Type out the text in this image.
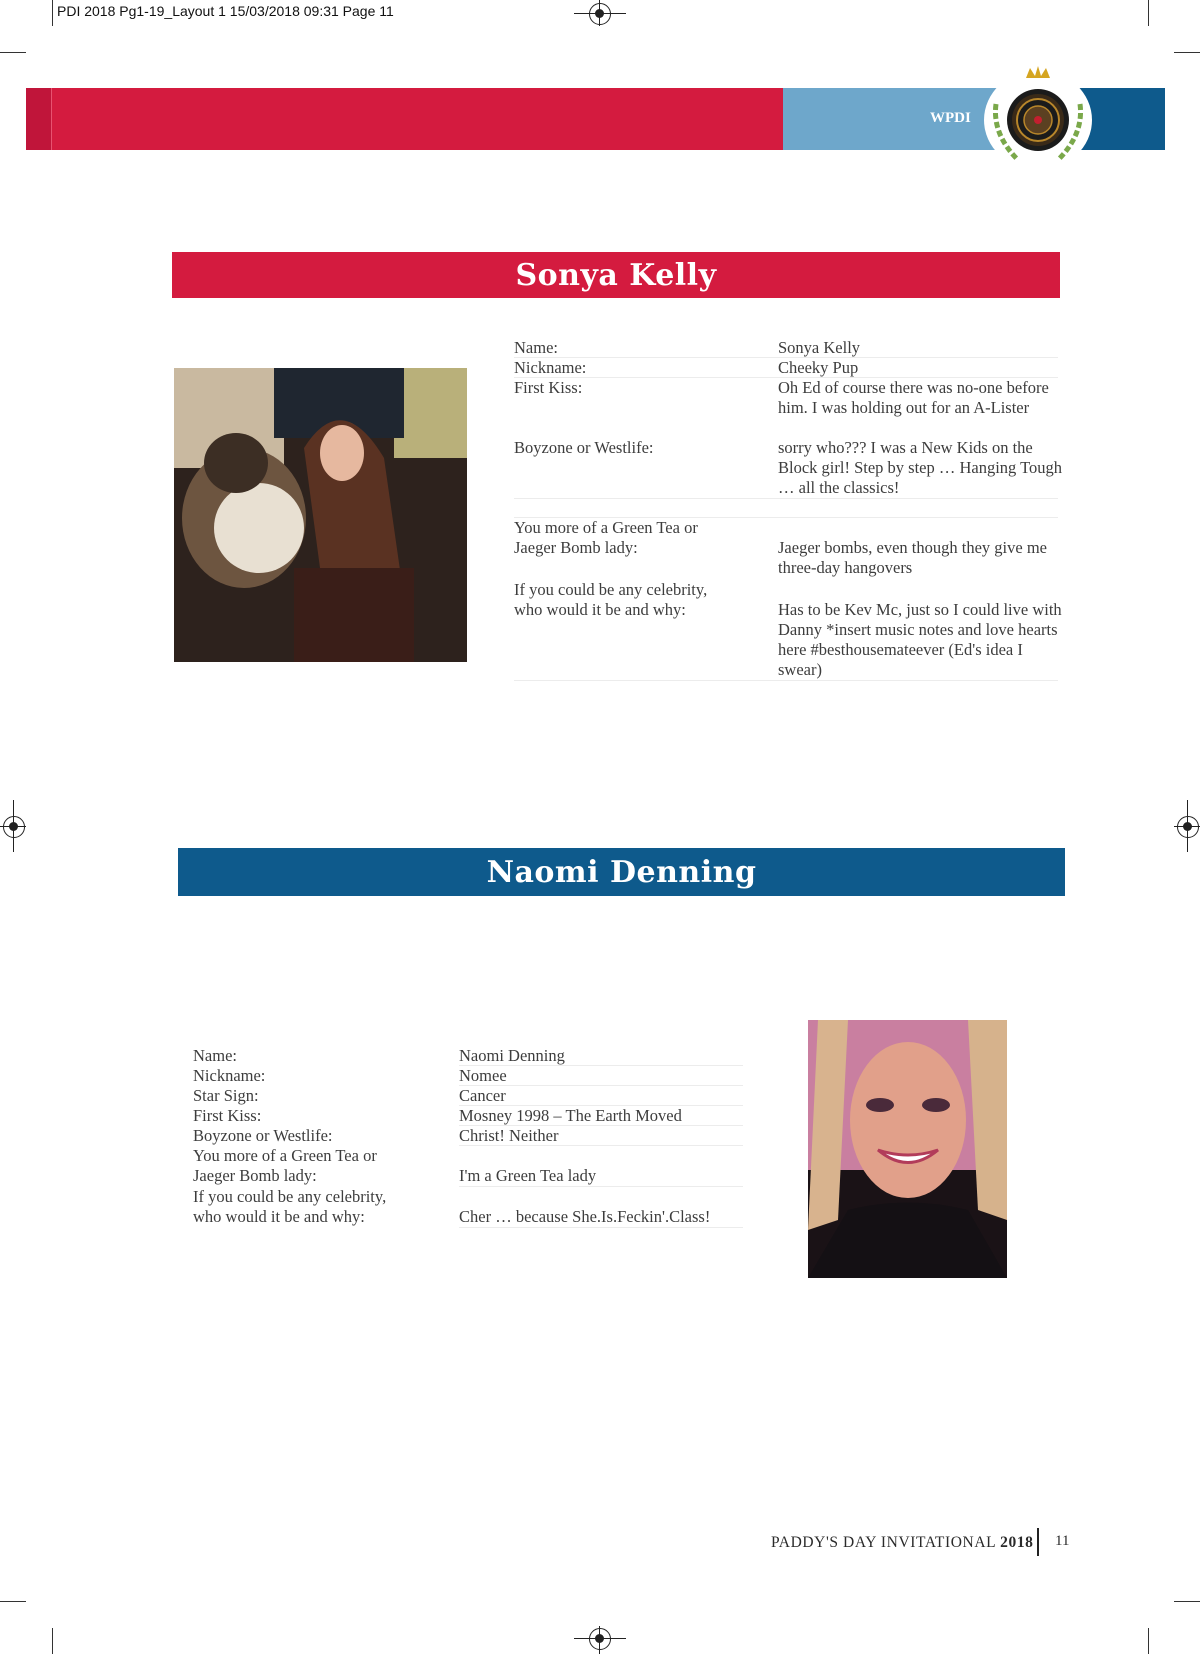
PDI 2018 Pg1-19_Layout 1 15/03/2018 09:31 Page 11
WPDI
Sonya Kelly
Name:	Sonya Kelly
Nickname:	Cheeky Pup
First Kiss:	Oh Ed of course there was no-one before him. I was holding out for an A-Lister
Boyzone or Westlife:	sorry who??? I was a New Kids on the Block girl! Step by step … Hanging Tough … all the classics!
You more of a Green Tea or Jaeger Bomb lady:	Jaeger bombs, even though they give me three-day hangovers
If you could be any celebrity, who would it be and why:	Has to be Kev Mc, just so I could live with Danny *insert music notes and love hearts here #besthousemateever (Ed's idea I swear)
Naomi Denning
Name:	Naomi Denning
Nickname:	Nomee
Star Sign:	Cancer
First Kiss:	Mosney 1998 – The Earth Moved
Boyzone or Westlife:	Christ! Neither
You more of a Green Tea or Jaeger Bomb lady:	I'm a Green Tea lady
If you could be any celebrity, who would it be and why:	Cher … because She.Is.Feckin'.Class!
PADDY'S DAY INVITATIONAL 2018 11
